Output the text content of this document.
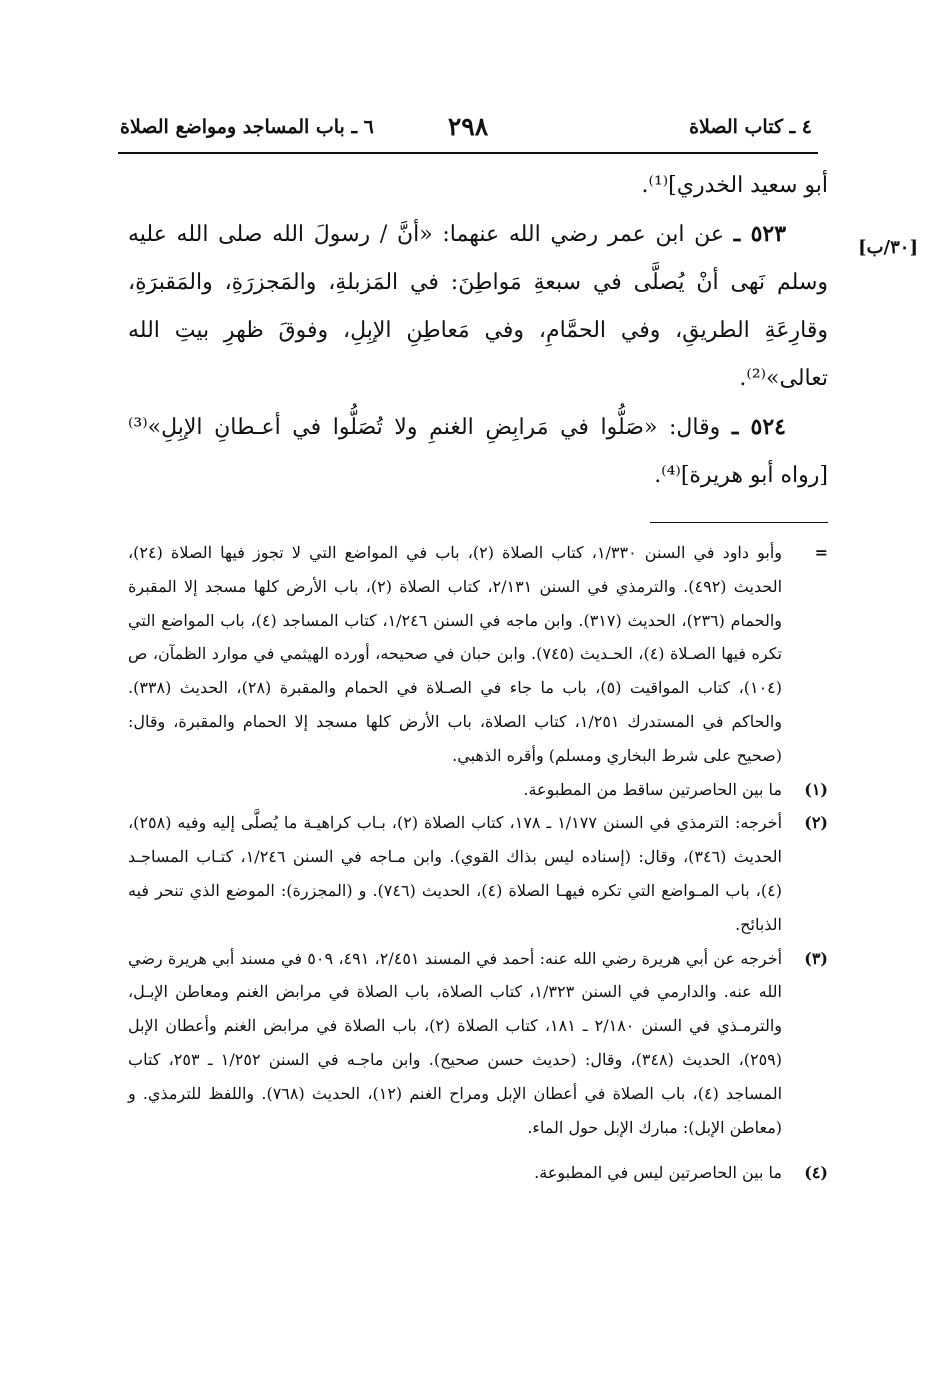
٤ ـ كتاب الصلاة
٢٩٨
٦ ـ باب المساجد ومواضع الصلاة
[٣٠/ب]

أبو سعيد الخدري]⁽¹⁾.

٥٢٣ ـ عن ابن عمر رضي الله عنهما: «أنَّ / رسولَ الله صلى الله عليه وسلم نَهى أنْ يُصلَّى في سبعةِ مَواطِنَ: في المَزبلةِ، والمَجزرَةِ، والمَقبرَةِ، وقارِعَةِ الطريقِ، وفي الحمَّامِ، وفي مَعاطِنِ الإبِلِ، وفوقَ ظهرِ بيتِ الله تعالى»⁽²⁾.

٥٢٤ ـ وقال: «صَلُّوا في مَرابِضِ الغنمِ ولا تُصَلُّوا في أعـطانِ الإبِلِ»⁽³⁾ [رواه أبو هريرة]⁽⁴⁾.

=
وأبو داود في السنن ١/٣٣٠، كتاب الصلاة (٢)، باب في المواضع التي لا تجوز فيها الصلاة (٢٤)، الحديث (٤٩٢). والترمذي في السنن ٢/١٣١، كتاب الصلاة (٢)، باب الأرض كلها مسجد إلا المقبرة والحمام (٢٣٦)، الحديث (٣١٧). وابن ماجه في السنن ١/٢٤٦، كتاب المساجد (٤)، باب المواضع التي تكره فيها الصـلاة (٤)، الحـديث (٧٤٥). وابن حبان في صحيحه، أورده الهيثمي في موارد الظمآن، ص (١٠٤)، كتاب المواقيت (٥)، باب ما جاء في الصـلاة في الحمام والمقبرة (٢٨)، الحديث (٣٣٨). والحاكم في المستدرك ١/٢٥١، كتاب الصلاة، باب الأرض كلها مسجد إلا الحمام والمقبرة، وقال: (صحيح على شرط البخاري ومسلم) وأقره الذهبي.

(١)
ما بين الحاصرتين ساقط من المطبوعة.

(٢)
أخرجه: الترمذي في السنن ١/١٧٧ ـ ١٧٨، كتاب الصلاة (٢)، بـاب كراهيـة ما يُصلَّى إليه وفيه (٢٥٨)، الحديث (٣٤٦)، وقال: (إسناده ليس بذاك القوي). وابن مـاجه في السنن ١/٢٤٦، كتـاب المساجـد (٤)، باب المـواضع التي تكره فيهـا الصلاة (٤)، الحديث (٧٤٦). و (المجزرة): الموضع الذي تنحر فيه الذبائح.

(٣)
أخرجه عن أبي هريرة رضي الله عنه: أحمد في المسند ٢/٤٥١، ٤٩١، ٥٠٩ في مسند أبي هريرة رضي الله عنه. والدارمي في السنن ١/٣٢٣، كتاب الصلاة، باب الصلاة في مرابض الغنم ومعاطن الإبـل، والترمـذي في السنن ٢/١٨٠ ـ ١٨١، كتاب الصلاة (٢)، باب الصلاة في مرابض الغنم وأعطان الإبل (٢٥٩)، الحديث (٣٤٨)، وقال: (حديث حسن صحيح). وابن ماجـه في السنن ١/٢٥٢ ـ ٢٥٣، كتاب المساجد (٤)، باب الصلاة في أعطان الإبل ومراح الغنم (١٢)، الحديث (٧٦٨). واللفظ للترمذي. و (معاطن الإبل): مبارك الإبل حول الماء.

(٤)
ما بين الحاصرتين ليس في المطبوعة.
